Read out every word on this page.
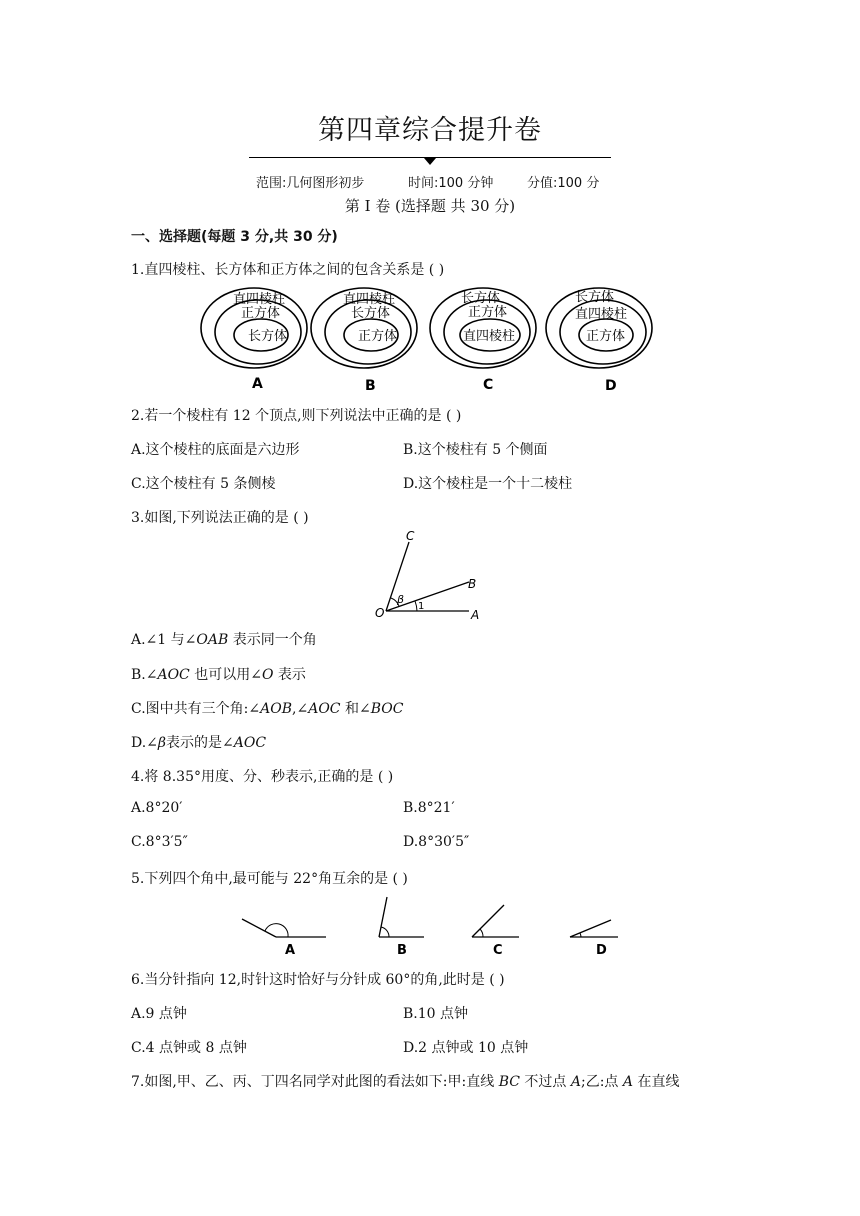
第四章综合提升卷
范围:几何图形初步	时间:100 分钟	分值:100 分
第 I 卷 (选择题 共 30 分)
一、选择题(每题 3 分,共 30 分)
1.直四棱柱、长方体和正方体之间的包含关系是 ( )
直四棱柱
正方体
长方体
A
直四棱柱
长方体
正方体
B
长方体
正方体
直四棱柱
C
长方体
直四棱柱
正方体
D
2.若一个棱柱有 12 个顶点,则下列说法中正确的是 ( )
A.这个棱柱的底面是六边形	B.这个棱柱有 5 个侧面
C.这个棱柱有 5 条侧棱	D.这个棱柱是一个十二棱柱
3.如图,下列说法正确的是 ( )
C
B
O	A
β
1
A.∠1 与∠OAB 表示同一个角
B.∠AOC 也可以用∠O 表示
C.图中共有三个角:∠AOB,∠AOC 和∠BOC
D.∠β表示的是∠AOC
4.将 8.35°用度、分、秒表示,正确的是 ( )
A.8°20′	B.8°21′
C.8°3′5″	D.8°30′5″
5.下列四个角中,最可能与 22°角互余的是 ( )
A	B	C	D
6.当分针指向 12,时针这时恰好与分针成 60°的角,此时是 ( )
A.9 点钟	B.10 点钟
C.4 点钟或 8 点钟	D.2 点钟或 10 点钟
7.如图,甲、乙、丙、丁四名同学对此图的看法如下:甲:直线 BC 不过点 A;乙:点 A 在直线
